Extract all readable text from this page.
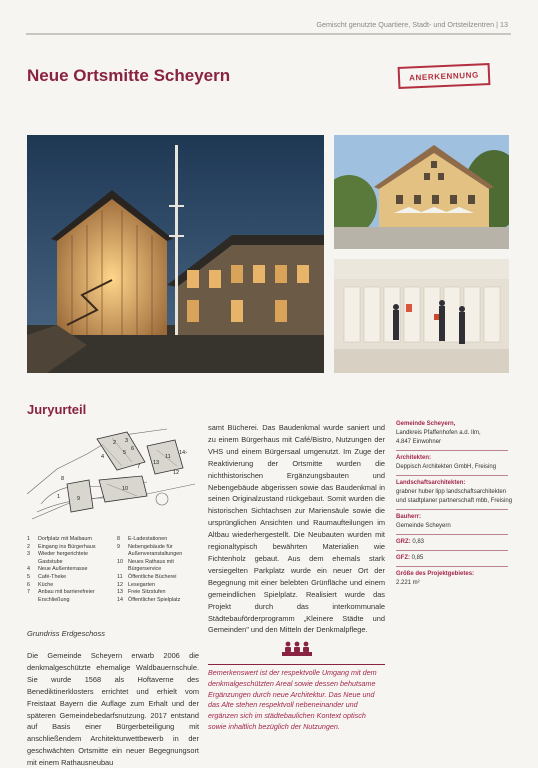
Gemischt genutzte Quartiere, Stadt- und Ortsteilzentren | 13
Neue Ortsmitte Scheyern	ANERKENNUNG
Juryurteil
1
2 3
4
5
6
7
8
9
10
11
12
13
14 ›
1	Dorfplatz mit Maibaum
2	Eingang ins Bürgerhaus
3	Wieder hergerichtete Gaststube
4	Neue Außenterrasse
5	Café-Theke
6	Küche
7	Anbau mit barrierefreier Erschließung
8	E-Ladestationen
9	Nebengebäude für Außenveranstaltungen
10 Neues Rathaus mit Bürgerservice
11 Öffentliche Bücherei
12 Lesegarten
13 Freie Sitzstufen
14 Öffentlicher Spielplatz
Grundriss Erdgeschoss
Die Gemeinde Scheyern erwarb 2006 die denkmalgeschützte ehemalige Waldbauernschule. Sie wurde 1568 als Hoftaverne des Benediktinerklosters errichtet und erhielt vom Freistaat Bayern die Auflage zum Erhalt und der späteren Gemeindebedarfsnutzung. 2017 entstand auf Basis einer Bürgerbeteiligung mit anschließendem Architekturwettbewerb in der geschwächten Ortsmitte ein neuer Begegnungsort mit einem Rathausneubau
samt Bücherei. Das Baudenkmal wurde saniert und zu einem Bürgerhaus mit Café/Bistro, Nutzungen der VHS und einem Bürgersaal umgenutzt. Im Zuge der Reaktivierung der Ortsmitte wurden die nichthistorischen Ergänzungsbauten und Nebengebäude abgerissen sowie das Baudenkmal in seinen Originalzustand rückgebaut. Somit wurden die historischen Sichtachsen zur Mariensäule sowie die ursprünglichen Ansichten und Raumaufteilungen im Altbau wiederhergestellt. Die Neubauten wurden mit regionaltypisch bewährten Materialien wie Fichtenholz gebaut. Aus dem ehemals stark versiegelten Parkplatz wurde ein neuer Ort der Begegnung mit einer belebten Grünfläche und einem gemeindlichen Spielplatz. Realisiert wurde das Projekt durch das interkommunale Städtebauförderprogramm „Kleinere Städte und Gemeinden" und den Mitteln der Denkmalpflege.
Bemerkenswert ist der respektvolle Umgang mit dem denkmalgeschützten Areal sowie dessen behutsame Ergänzungen durch neue Architektur. Das Neue und das Alte stehen respektvoll nebeneinander und ergänzen sich im städtebaulichen Kontext optisch sowie inhaltlich bezüglich der Nutzungen.
Gemeinde Scheyern,
Landkreis Pfaffenhofen a.d. Ilm,
4.847 Einwohner
Architekten:
Deppisch Architekten GmbH, Freising
Landschaftsarchitekten:
grabner huber lipp landschaftsarchitekten und stadtplaner partnerschaft mbb, Freising
Bauherr:
Gemeinde Scheyern
GRZ: 0,83
GFZ: 0,85
Größe des Projektgebietes:
2.221 m²
